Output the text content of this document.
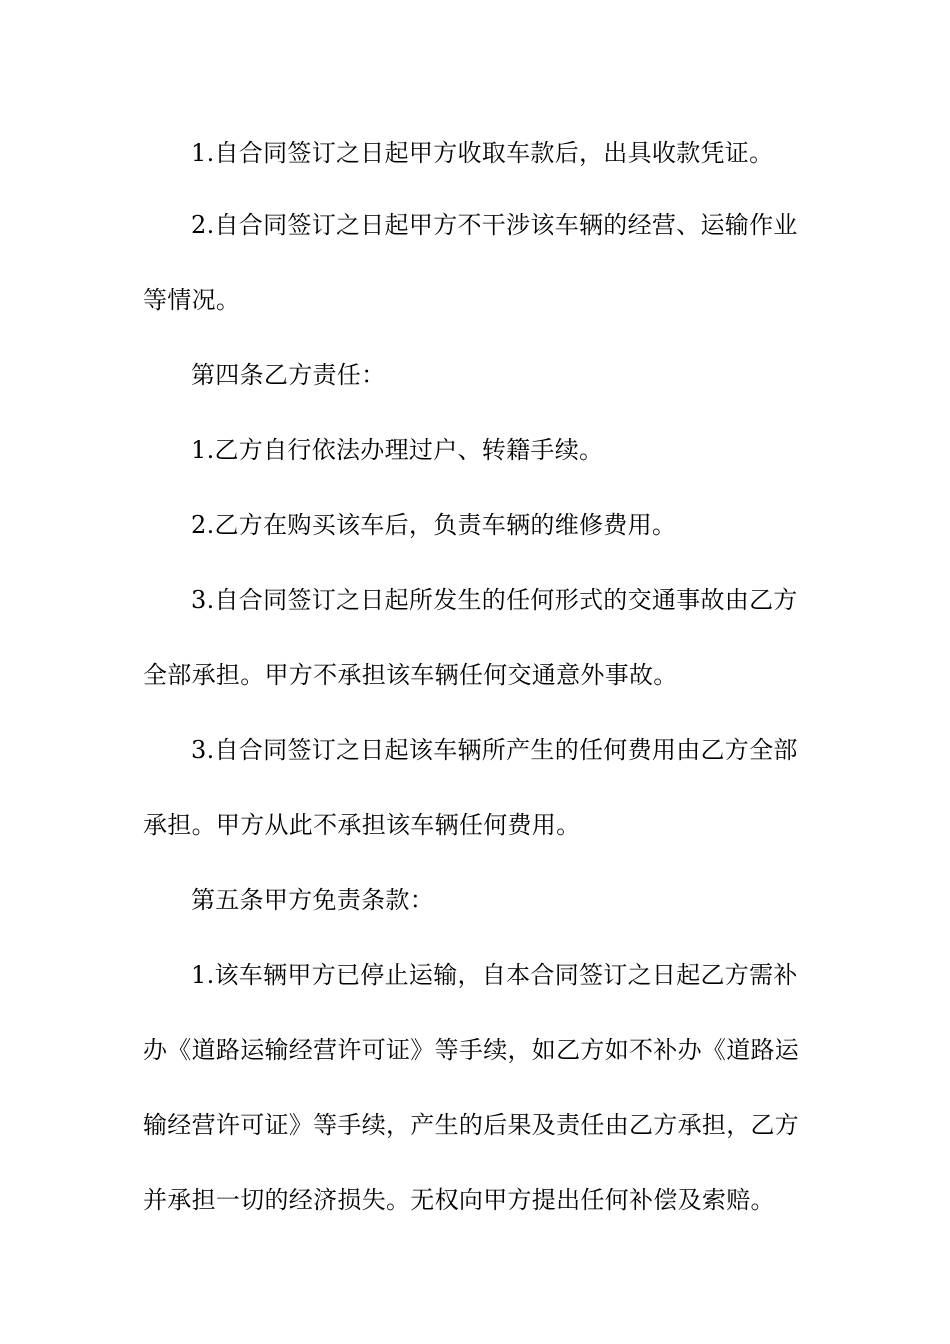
1.自合同签订之日起甲方收取车款后，出具收款凭证。
2.自合同签订之日起甲方不干涉该车辆的经营、运输作业
等情况。
第四条乙方责任：
1.乙方自行依法办理过户、转籍手续。
2.乙方在购买该车后，负责车辆的维修费用。
3.自合同签订之日起所发生的任何形式的交通事故由乙方
全部承担。甲方不承担该车辆任何交通意外事故。
3.自合同签订之日起该车辆所产生的任何费用由乙方全部
承担。甲方从此不承担该车辆任何费用。
第五条甲方免责条款：
1.该车辆甲方已停止运输，自本合同签订之日起乙方需补
办《道路运输经营许可证》等手续，如乙方如不补办《道路运
输经营许可证》等手续，产生的后果及责任由乙方承担，乙方
并承担一切的经济损失。无权向甲方提出任何补偿及索赔。
